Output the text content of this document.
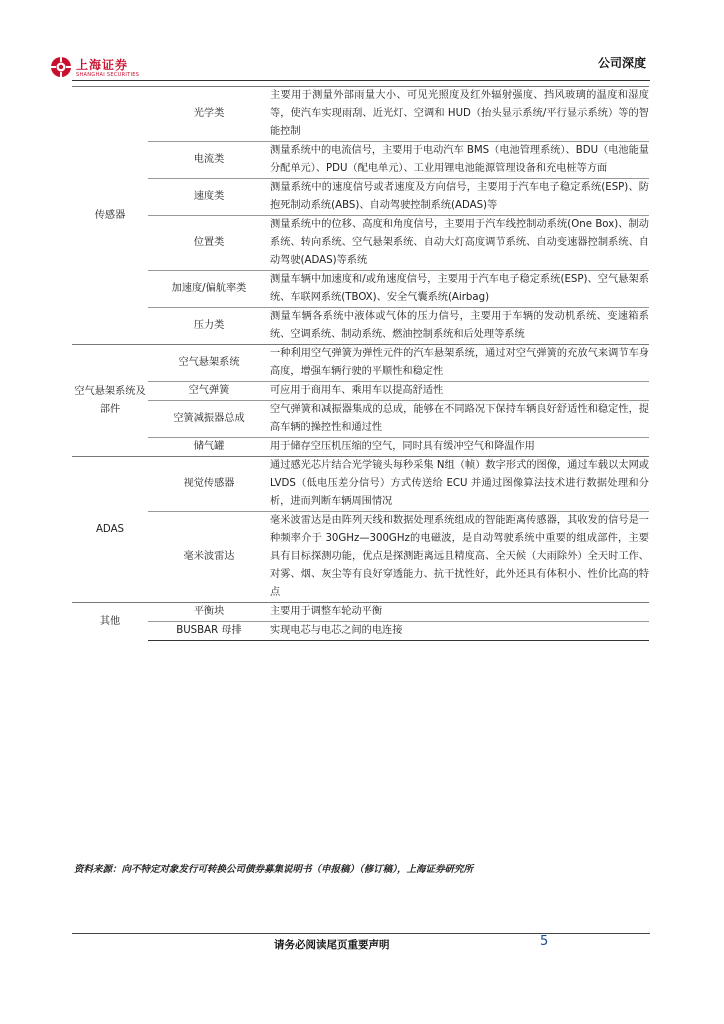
上海证券
SHANGHAI SECURITIES
公司深度
传感器	光学类	主要用于测量外部雨量大小、可见光照度及红外辐射强度、挡风玻璃的温度和湿度等，使汽车实现雨刮、近光灯、空调和 HUD（抬头显示系统/平行显示系统）等的智能控制
	电流类	测量系统中的电流信号，主要用于电动汽车 BMS（电池管理系统）、BDU（电池能量分配单元）、PDU（配电单元）、工业用锂电池能源管理设备和充电桩等方面
	速度类	测量系统中的速度信号或者速度及方向信号，主要用于汽车电子稳定系统(ESP)、防抱死制动系统(ABS)、自动驾驶控制系统(ADAS)等
	位置类	测量系统中的位移、高度和角度信号，主要用于汽车线控制动系统(One Box)、制动系统、转向系统、空气悬架系统、自动大灯高度调节系统、自动变速器控制系统、自动驾驶(ADAS)等系统
	加速度/偏航率类	测量车辆中加速度和/或角速度信号，主要用于汽车电子稳定系统(ESP)、空气悬架系统、车联网系统(TBOX)、安全气囊系统(Airbag)
	压力类	测量车辆各系统中液体或气体的压力信号，主要用于车辆的发动机系统、变速箱系统、空调系统、制动系统、燃油控制系统和后处理等系统
空气悬架系统及部件	空气悬架系统	一种利用空气弹簧为弹性元件的汽车悬架系统，通过对空气弹簧的充放气来调节车身高度，增强车辆行驶的平顺性和稳定性
	空气弹簧	可应用于商用车、乘用车以提高舒适性
	空簧减振器总成	空气弹簧和减振器集成的总成，能够在不同路况下保持车辆良好舒适性和稳定性，提高车辆的操控性和通过性
	储气罐	用于储存空压机压缩的空气，同时具有缓冲空气和降温作用
ADAS	视觉传感器	通过感光芯片结合光学镜头每秒采集 N组（帧）数字形式的图像，通过车载以太网或 LVDS（低电压差分信号）方式传送给 ECU 并通过图像算法技术进行数据处理和分析，进而判断车辆周围情况
	毫米波雷达	毫米波雷达是由阵列天线和数据处理系统组成的智能距离传感器，其收发的信号是一种频率介于 30GHz—300GHz的电磁波，是自动驾驶系统中重要的组成部件，主要具有目标探测功能，优点是探测距离远且精度高、全天候（大雨除外）全天时工作、对雾、烟、灰尘等有良好穿透能力、抗干扰性好，此外还具有体积小、性价比高的特点
其他	平衡块	主要用于调整车轮动平衡
	BUSBAR 母排	实现电芯与电芯之间的电连接
资料来源：向不特定对象发行可转换公司债券募集说明书（申报稿）（修订稿），上海证券研究所
请务必阅读尾页重要声明	5
